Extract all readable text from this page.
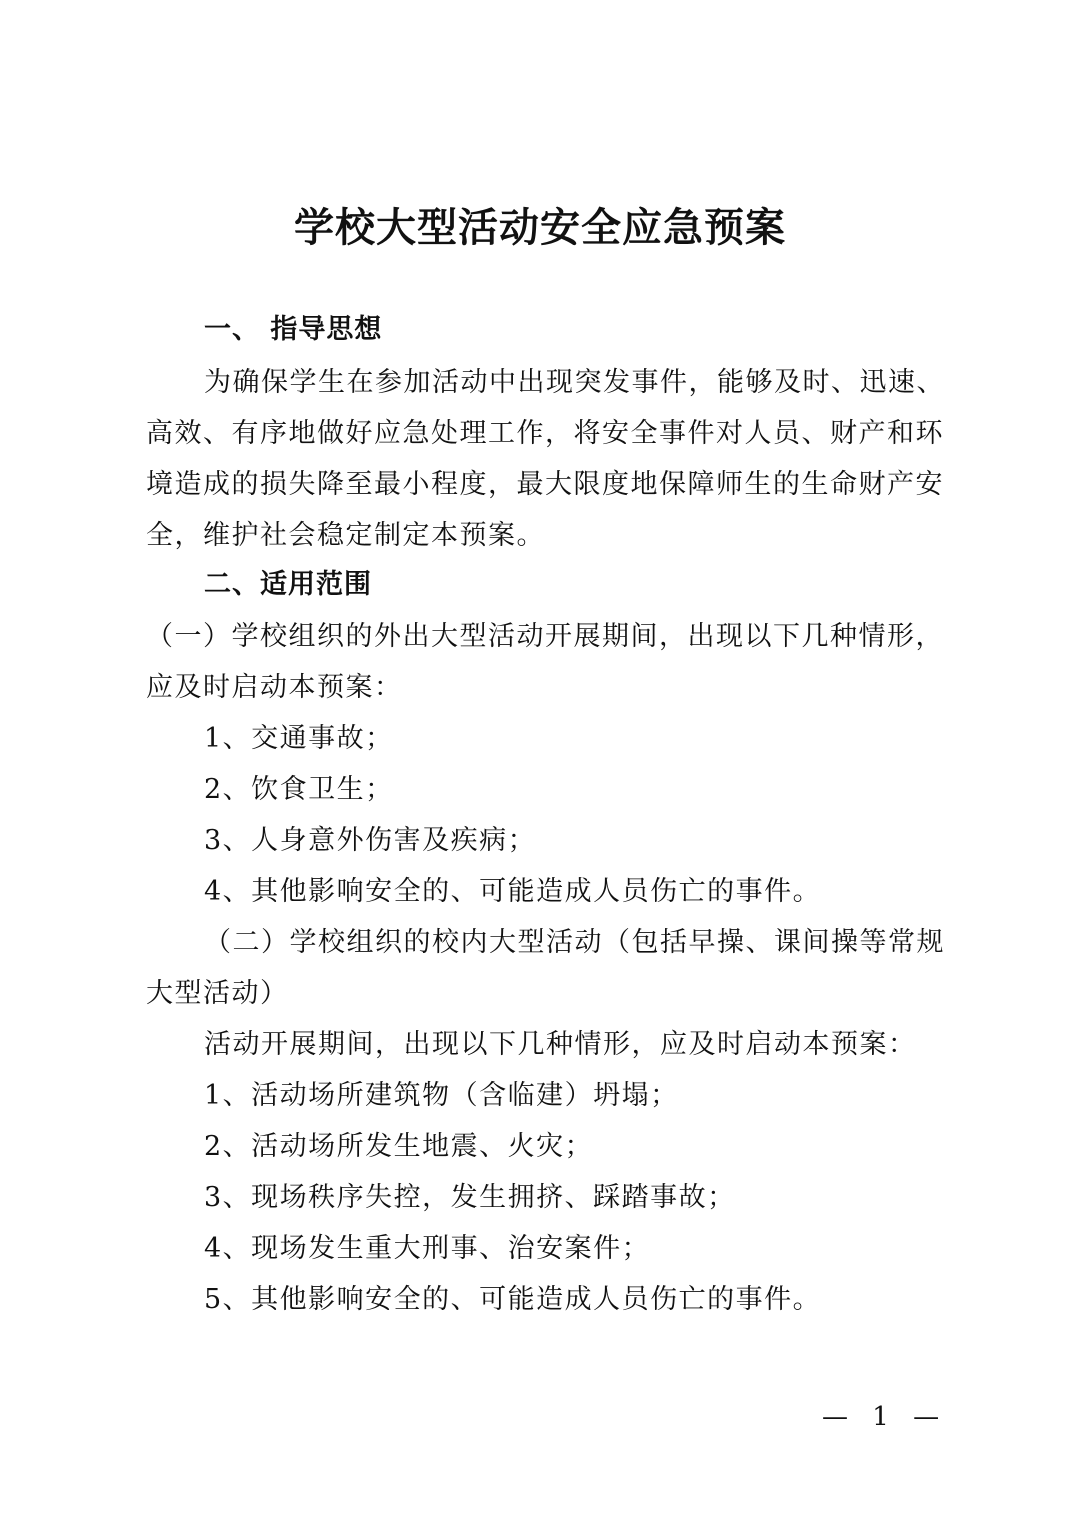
学校大型活动安全应急预案
一、 指导思想
为确保学生在参加活动中出现突发事件，能够及时、迅速、
高效、有序地做好应急处理工作，将安全事件对人员、财产和环
境造成的损失降至最小程度，最大限度地保障师生的生命财产安
全，维护社会稳定制定本预案。
二、适用范围
（一）学校组织的外出大型活动开展期间，出现以下几种情形，
应及时启动本预案：
1、交通事故；
2、饮食卫生；
3、人身意外伤害及疾病；
4、其他影响安全的、可能造成人员伤亡的事件。
（二）学校组织的校内大型活动（包括早操、课间操等常规
大型活动）
活动开展期间，出现以下几种情形，应及时启动本预案：
1、活动场所建筑物（含临建）坍塌；
2、活动场所发生地震、火灾；
3、现场秩序失控，发生拥挤、踩踏事故；
4、现场发生重大刑事、治安案件；
5、其他影响安全的、可能造成人员伤亡的事件。
— 1 —
